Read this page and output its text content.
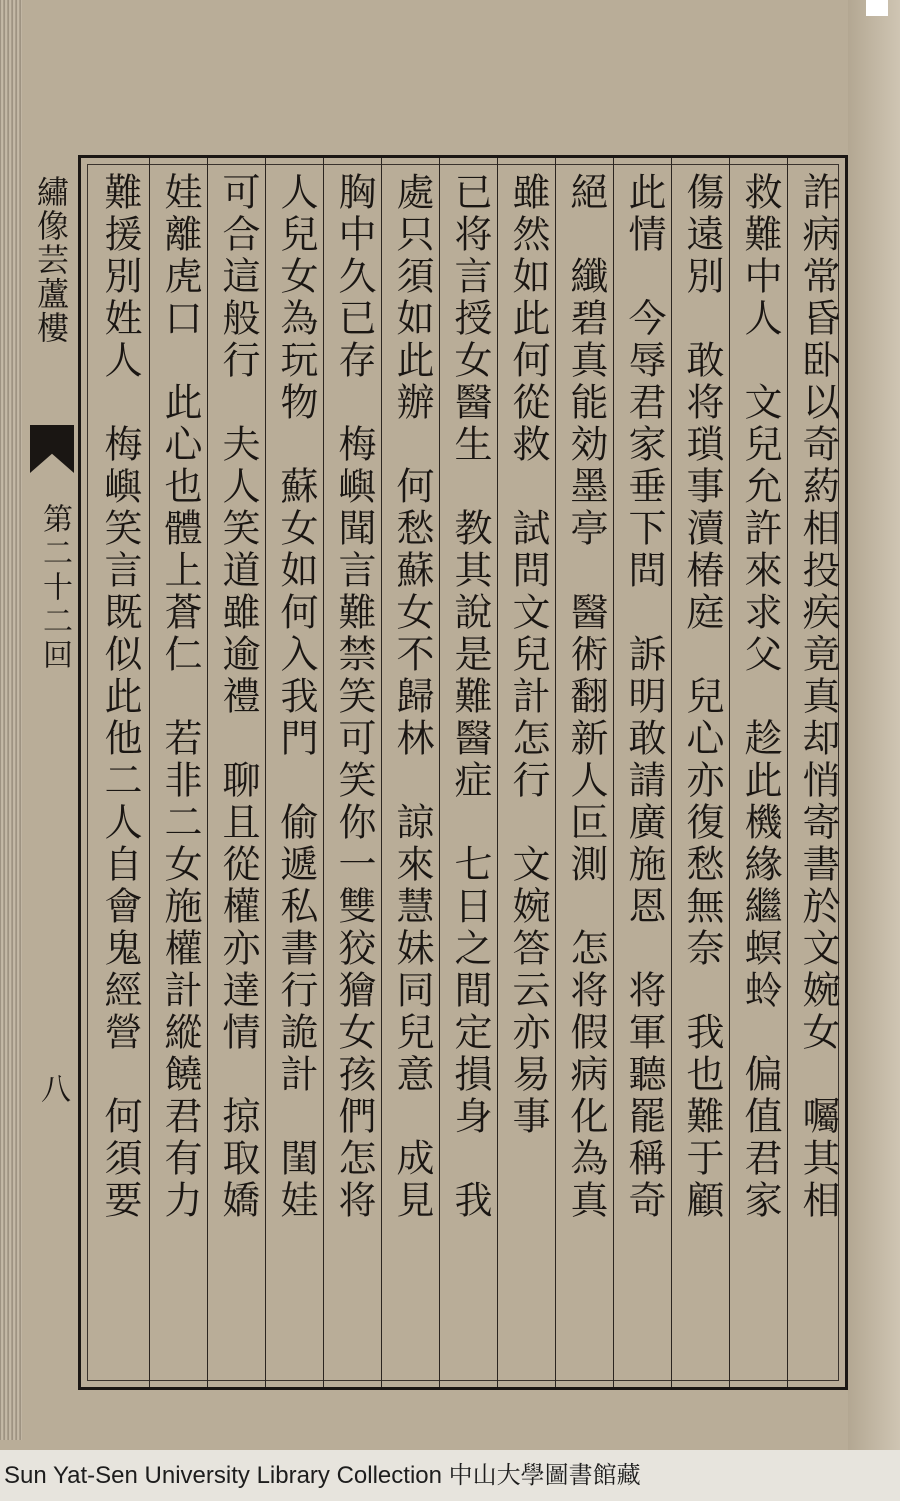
繡像芸蘆樓
第二十二回
八	詐病常昏卧以奇葯相投疾竟真却悄寄書於文婉女　囑其相
救難中人　文兒允許來求父　趁此機緣繼螟蛉　偏值君家
傷遠別　敢将瑣事瀆椿庭　兒心亦復愁無奈　我也難于顧
此情　今辱君家垂下問　訴明敢請廣施恩　将軍聽罷稱奇
絕　纖碧真能効墨亭　醫術翻新人叵測　怎将假病化為真
雖然如此何從救　試問文兒計怎行　文婉答云亦易事
已将言授女醫生　教其說是難醫症　七日之間定損身　我
處只須如此辦　何愁蘇女不歸林　諒來慧妹同兒意　成見
胸中久已存　梅嶼聞言難禁笑可笑你一雙狡獪女孩們怎将
人兒女為玩物　蘇女如何入我門　偷遞私書行詭計　閨娃
可合這般行　夫人笑道雖逾禮　聊且從權亦達情　掠取嬌
娃離虎口　此心也體上蒼仁　若非二女施權計縱饒君有力
難援別姓人　梅嶼笑言既似此他二人自會鬼經營　何須要
Sun Yat-Sen University Library Collection 中山大學圖書館藏
